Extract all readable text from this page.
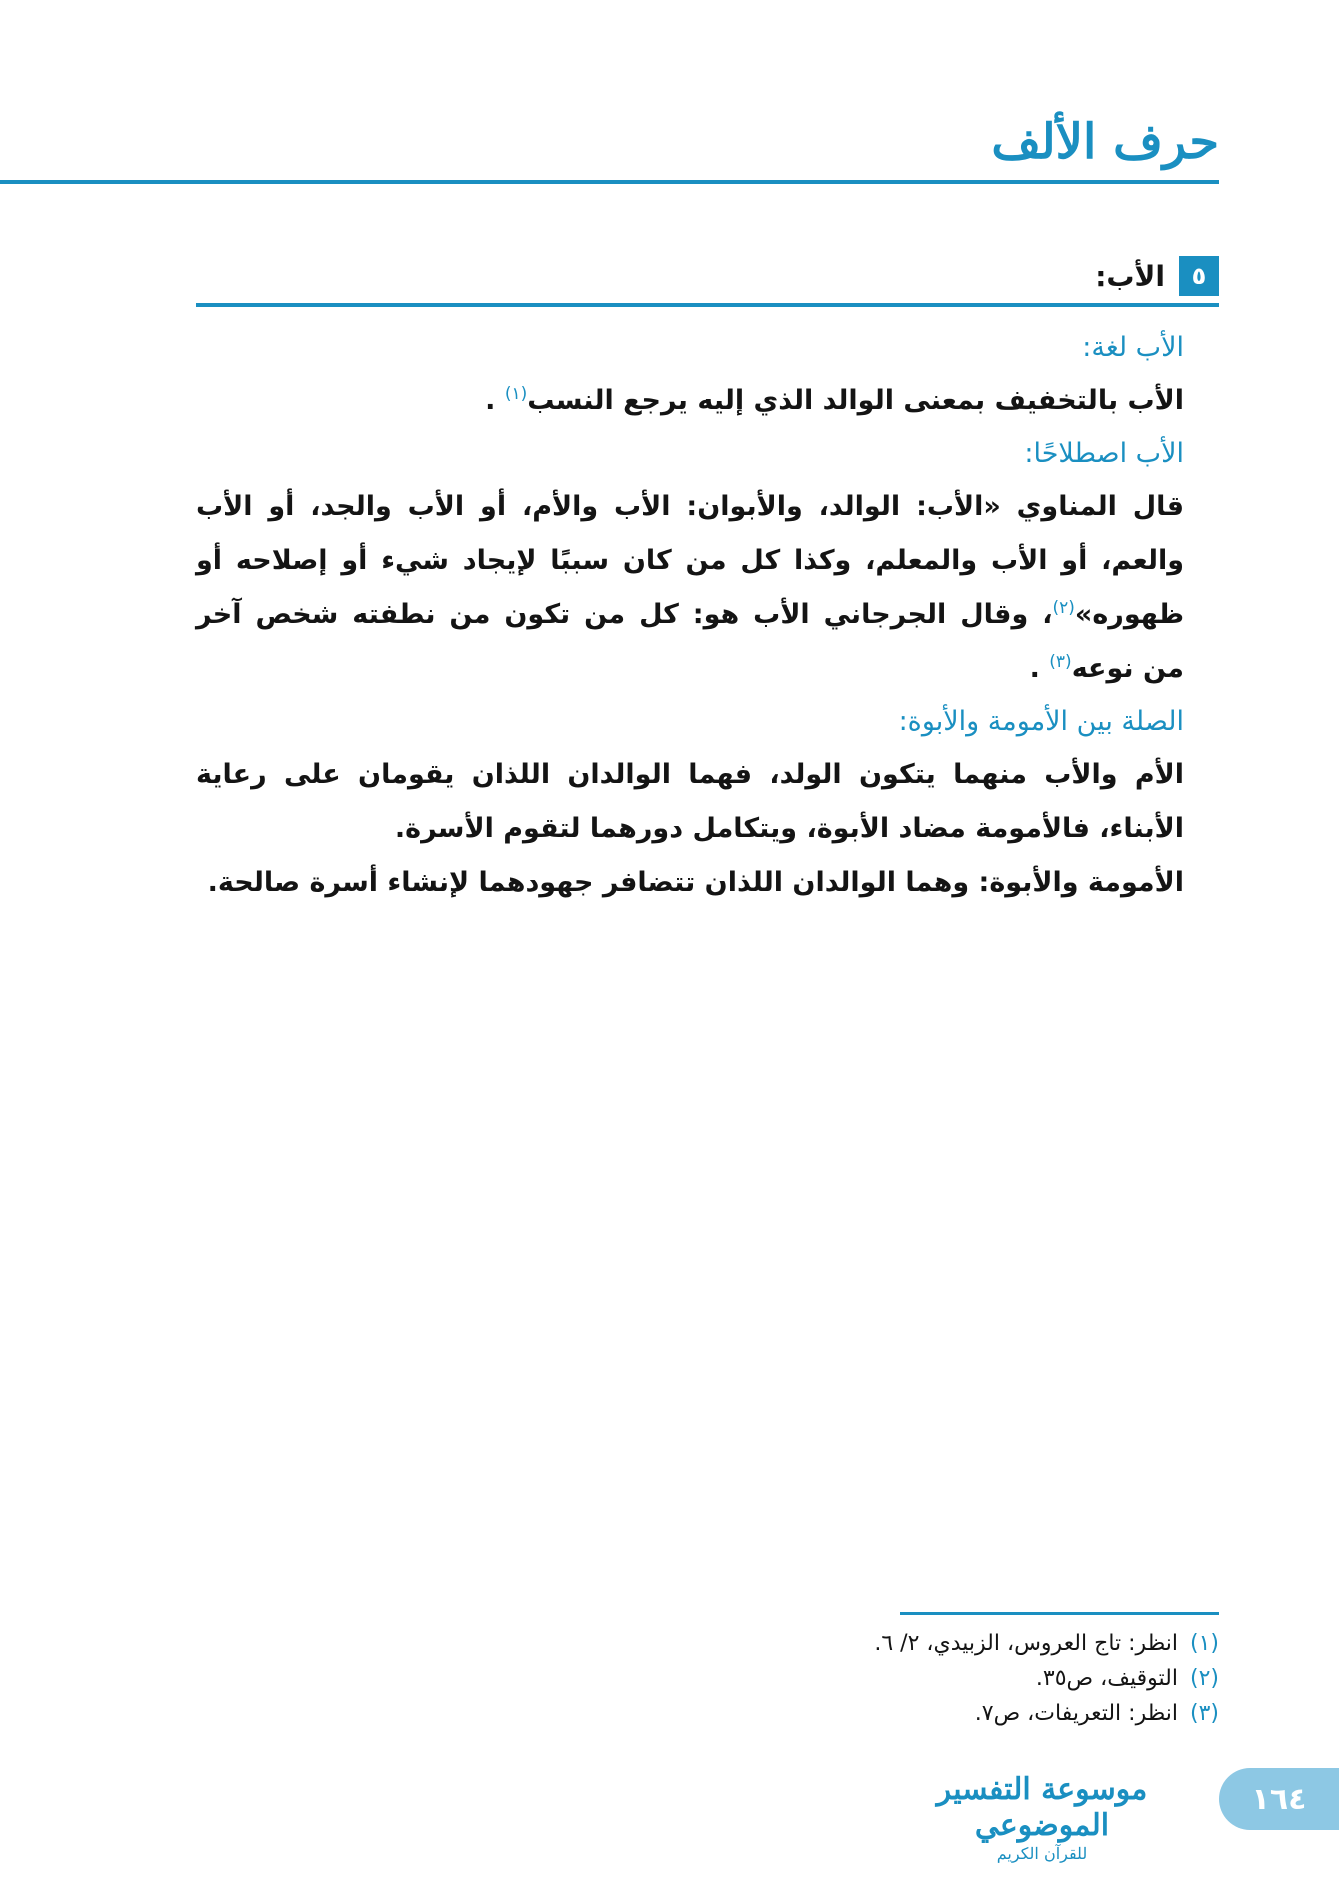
حرف الألف
٥
الأب:

الأب لغة:

الأب بالتخفيف بمعنى الوالد الذي إليه يرجع النسب$^{(١)}$ .

الأب اصطلاحًا:

قال المناوي «الأب: الوالد، والأبوان: الأب والأم، أو الأب والجد، أو الأب والعم، أو الأب والمعلم، وكذا كل من كان سببًا لإيجاد شيء أو إصلاحه أو ظهوره»$^{(٢)}$، وقال الجرجاني الأب هو: كل من تكون من نطفته شخص آخر من نوعه$^{(٣)}$ .

الصلة بين الأمومة والأبوة:

الأم والأب منهما يتكون الولد، فهما الوالدان اللذان يقومان على رعاية الأبناء، فالأمومة مضاد الأبوة، ويتكامل دورهما لتقوم الأسرة.

الأمومة والأبوة: وهما الوالدان اللذان تتضافر جهودهما لإنشاء أسرة صالحة.

(١)
انظر: تاج العروس، الزبيدي، ٢/ ٦.
(٢)
التوقيف، ص٣٥.
(٣)
انظر: التعريفات، ص٧.
موسوعة التفسير الموضوعي
للقرآن الكريم
١٦٤
